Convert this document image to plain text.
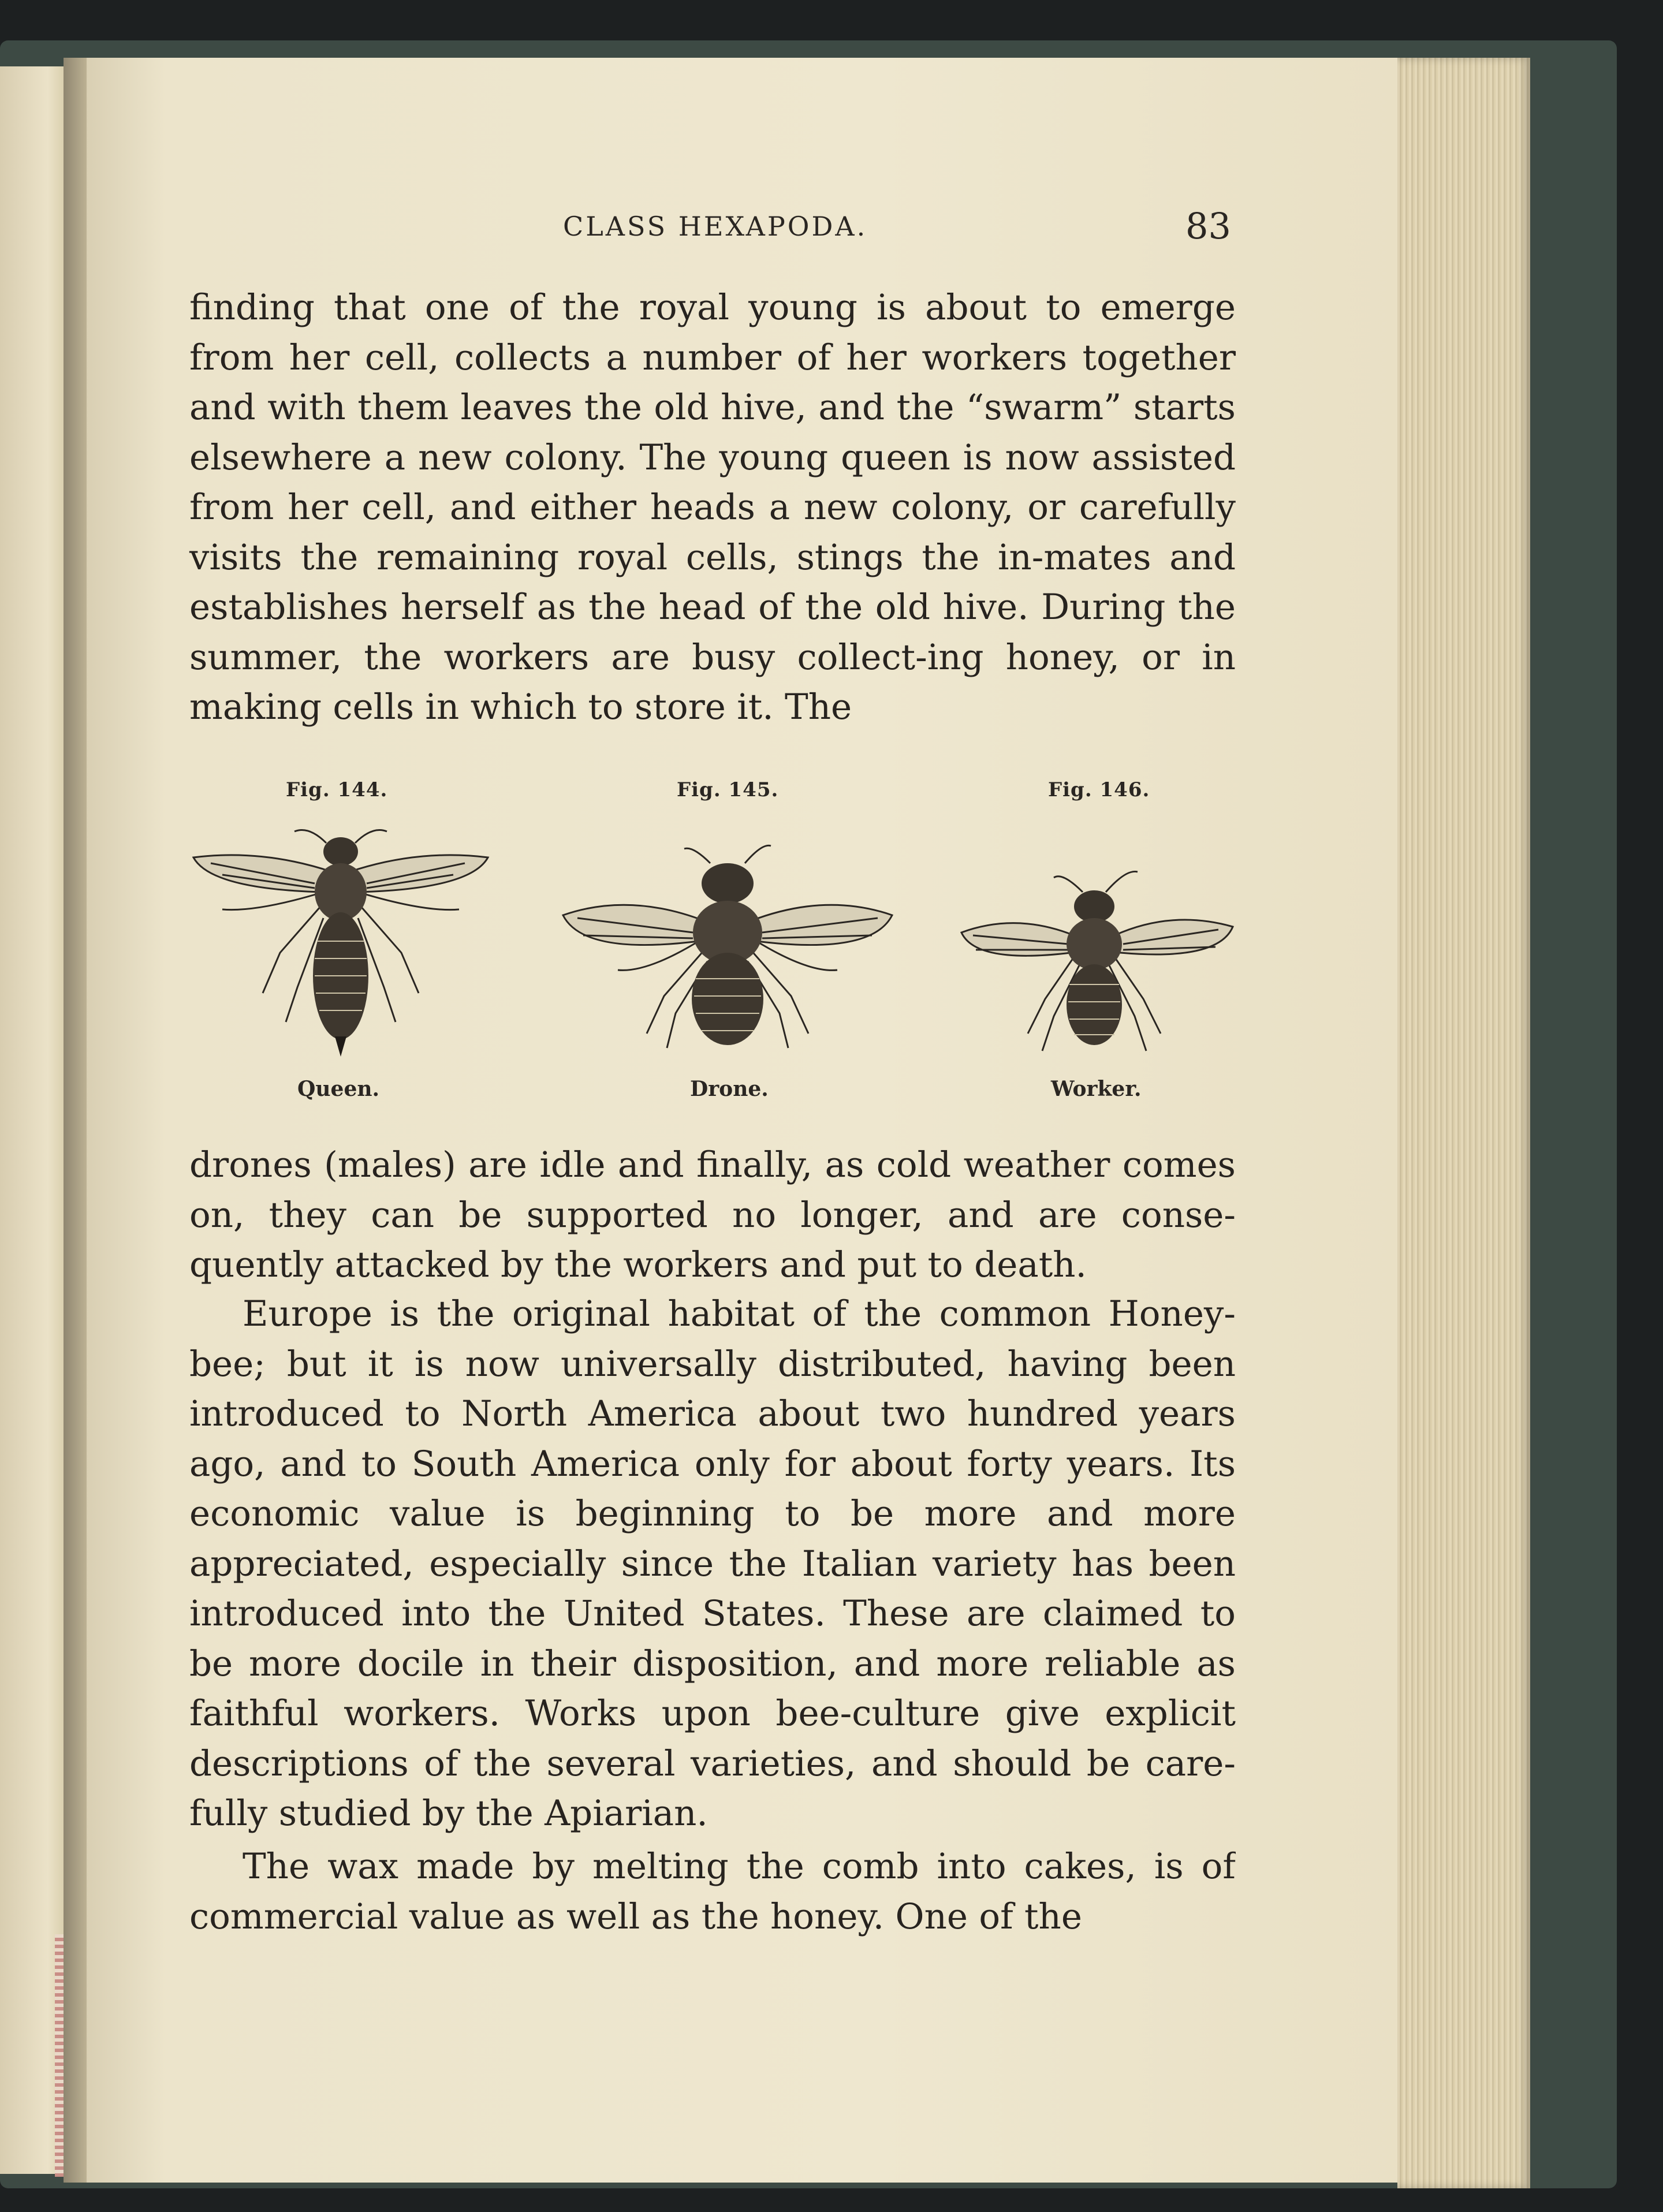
CLASS HEXAPODA.	83

finding that one of the royal young is about to emerge from her cell, collects a number of her workers together and with them leaves the old hive, and the “swarm” starts elsewhere a new colony. The young queen is now assisted from her cell, and either heads a new colony, or carefully visits the remaining royal cells, stings the in-mates and establishes herself as the head of the old hive. During the summer, the workers are busy collect-ing honey, or in making cells in which to store it. The

Fig. 144.	Fig. 145.	Fig. 146.
Queen.	Drone.	Worker.

drones (males) are idle and finally, as cold weather comes on, they can be supported no longer, and are conse-quently attacked by the workers and put to death.

Europe is the original habitat of the common Honey-bee; but it is now universally distributed, having been introduced to North America about two hundred years ago, and to South America only for about forty years. Its economic value is beginning to be more and more appreciated, especially since the Italian variety has been introduced into the United States. These are claimed to be more docile in their disposition, and more reliable as faithful workers. Works upon bee-culture give explicit descriptions of the several varieties, and should be care-fully studied by the Apiarian.

The wax made by melting the comb into cakes, is of commercial value as well as the honey. One of the
